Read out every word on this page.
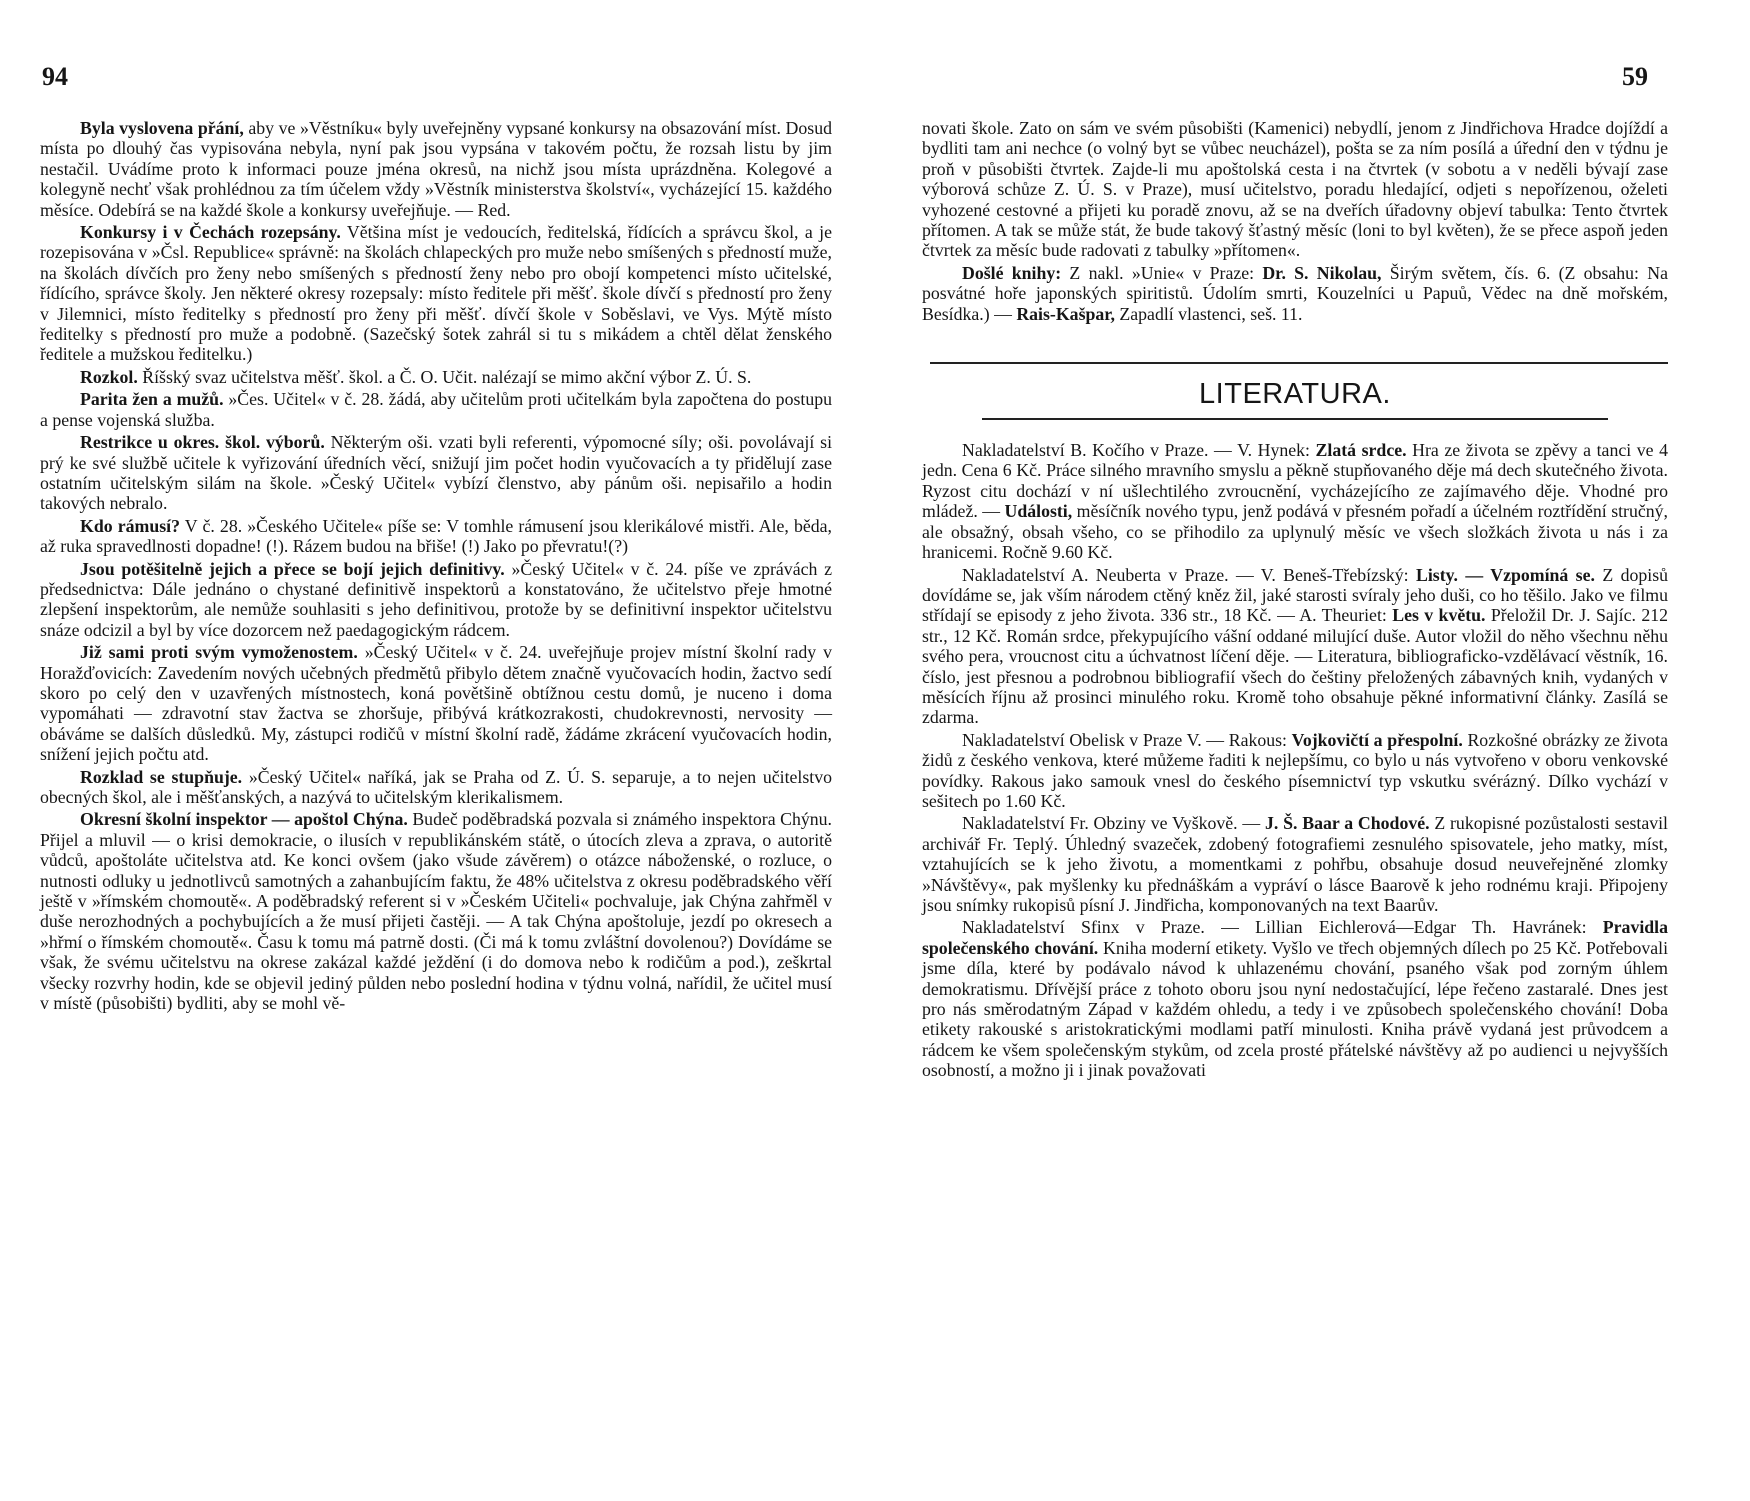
94	59

Byla vyslovena přání, aby ve »Věstníku« byly uveřejněny vypsané konkursy na obsazování míst. Dosud místa po dlouhý čas vypisována nebyla, nyní pak jsou vypsána v takovém počtu, že rozsah listu by jim nestačil. Uvádíme proto k informaci pouze jména okresů, na nichž jsou místa uprázdněna. Kolegové a kolegyně nechť však prohlédnou za tím účelem vždy »Věstník ministerstva školství«, vycházející 15. každého měsíce. Odebírá se na každé škole a konkursy uveřejňuje. — Red.

Konkursy i v Čechách rozepsány. Většina míst je vedoucích, ředitelská, řídících a správcu škol, a je rozepisována v »Čsl. Republice« správně: na školách chlapeckých pro muže nebo smíšených s předností muže, na školách dívčích pro ženy nebo smíšených s předností ženy nebo pro obojí kompetenci místo učitelské, řídícího, správce školy. Jen některé okresy rozepsaly: místo ředitele při měšť. škole dívčí s předností pro ženy v Jilemnici, místo ředitelky s předností pro ženy při měšť. dívčí škole v Soběslavi, ve Vys. Mýtě místo ředitelky s předností pro muže a podobně. (Sazečský šotek zahrál si tu s mikádem a chtěl dělat ženského ředitele a mužskou ředitelku.)

Rozkol. Říšský svaz učitelstva měšť. škol. a Č. O. Učit. nalézají se mimo akční výbor Z. Ú. S.

Parita žen a mužů. »Čes. Učitel« v č. 28. žádá, aby učitelům proti učitelkám byla započtena do postupu a pense vojenská služba.

Restrikce u okres. škol. výborů. Některým oši. vzati byli referenti, výpomocné síly; oši. povolávají si prý ke své službě učitele k vyřizování úředních věcí, snižují jim počet hodin vyučovacích a ty přidělují zase ostatním učitelským silám na škole. »Český Učitel« vybízí členstvo, aby pánům oši. nepisařilo a hodin takových nebralo.

Kdo rámusí? V č. 28. »Českého Učitele« píše se: V tomhle rámusení jsou klerikálové mistři. Ale, běda, až ruka spravedlnosti dopadne! (!). Rázem budou na břiše! (!) Jako po převratu!(?)

Jsou potěšitelně jejich a přece se bojí jejich definitivy. »Český Učitel« v č. 24. píše ve zprávách z předsednictva: Dále jednáno o chystané definitivě inspektorů a konstatováno, že učitelstvo přeje hmotné zlepšení inspektorům, ale nemůže souhlasiti s jeho definitivou, protože by se definitivní inspektor učitelstvu snáze odcizil a byl by více dozorcem než paedagogickým rádcem.

Již sami proti svým vymoženostem. »Český Učitel« v č. 24. uveřejňuje projev místní školní rady v Horažďovicích: Zavedením nových učebných předmětů přibylo dětem značně vyučovacích hodin, žactvo sedí skoro po celý den v uzavřených místnostech, koná povětšině obtížnou cestu domů, je nuceno i doma vypomáhati — zdravotní stav žactva se zhoršuje, přibývá krátkozrakosti, chudokrevnosti, nervosity — obáváme se dalších důsledků. My, zástupci rodičů v místní školní radě, žádáme zkrácení vyučovacích hodin, snížení jejich počtu atd.

Rozklad se stupňuje. »Český Učitel« naříká, jak se Praha od Z. Ú. S. separuje, a to nejen učitelstvo obecných škol, ale i měšťanských, a nazývá to učitelským klerikalismem.

Okresní školní inspektor — apoštol Chýna. Budeč poděbradská pozvala si známého inspektora Chýnu. Přijel a mluvil — o krisi demokracie, o ilusích v republikánském státě, o útocích zleva a zprava, o autoritě vůdců, apoštoláte učitelstva atd. Ke konci ovšem (jako všude závěrem) o otázce náboženské, o rozluce, o nutnosti odluky u jednotlivců samotných a zahanbujícím faktu, že 48% učitelstva z okresu poděbradského věří ještě v »římském chomoutě«. A poděbradský referent si v »Českém Učiteli« pochvaluje, jak Chýna zahřměl v duše nerozhodných a pochybujících a že musí přijeti častěji. — A tak Chýna apoštoluje, jezdí po okresech a »hřmí o římském chomoutě«. Času k tomu má patrně dosti. (Či má k tomu zvláštní dovolenou?) Dovídáme se však, že svému učitelstvu na okrese zakázal každé ježdění (i do domova nebo k rodičům a pod.), zeškrtal všecky rozvrhy hodin, kde se objevil jediný půlden nebo poslední hodina v týdnu volná, nařídil, že učitel musí v místě (působišti) bydliti, aby se mohl vě-

novati škole. Zato on sám ve svém působišti (Kamenici) nebydlí, jenom z Jindřichova Hradce dojíždí a bydliti tam ani nechce (o volný byt se vůbec neucházel), pošta se za ním posílá a úřední den v týdnu je proň v působišti čtvrtek. Zajde-li mu apoštolská cesta i na čtvrtek (v sobotu a v neděli bývají zase výborová schůze Z. Ú. S. v Praze), musí učitelstvo, poradu hledající, odjeti s nepořízenou, oželeti vyhozené cestovné a přijeti ku poradě znovu, až se na dveřích úřadovny objeví tabulka: Tento čtvrtek přítomen. A tak se může stát, že bude takový šťastný měsíc (loni to byl květen), že se přece aspoň jeden čtvrtek za měsíc bude radovati z tabulky »přítomen«.

Došlé knihy: Z nakl. »Unie« v Praze: Dr. S. Nikolau, Širým světem, čís. 6. (Z obsahu: Na posvátné hoře japonských spiritistů. Údolím smrti, Kouzelníci u Papuů, Vědec na dně mořském, Besídka.) — Rais-Kašpar, Zapadlí vlastenci, seš. 11.

LITERATURA.

Nakladatelství B. Kočího v Praze. — V. Hynek: Zlatá srdce. Hra ze života se zpěvy a tanci ve 4 jedn. Cena 6 Kč. Práce silného mravního smyslu a pěkně stupňovaného děje má dech skutečného života. Ryzost citu dochází v ní ušlechtilého zvroucnění, vycházejícího ze zajímavého děje. Vhodné pro mládež. — Události, měsíčník nového typu, jenž podává v přesném pořadí a účelném roztřídění stručný, ale obsažný, obsah všeho, co se přihodilo za uplynulý měsíc ve všech složkách života u nás i za hranicemi. Ročně 9.60 Kč.

Nakladatelství A. Neuberta v Praze. — V. Beneš-Třebízský: Listy. — Vzpomíná se. Z dopisů dovídáme se, jak vším národem ctěný kněz žil, jaké starosti svíraly jeho duši, co ho těšilo. Jako ve filmu střídají se episody z jeho života. 336 str., 18 Kč. — A. Theuriet: Les v květu. Přeložil Dr. J. Sajíc. 212 str., 12 Kč. Román srdce, překypujícího vášní oddané milující duše. Autor vložil do něho všechnu něhu svého pera, vroucnost citu a úchvatnost líčení děje. — Literatura, bibliograficko-vzdělávací věstník, 16. číslo, jest přesnou a podrobnou bibliografií všech do češtiny přeložených zábavných knih, vydaných v měsících říjnu až prosinci minulého roku. Kromě toho obsahuje pěkné informativní články. Zasílá se zdarma.

Nakladatelství Obelisk v Praze V. — Rakous: Vojkovičtí a přespolní. Rozkošné obrázky ze života židů z českého venkova, které můžeme řaditi k nejlepšímu, co bylo u nás vytvořeno v oboru venkovské povídky. Rakous jako samouk vnesl do českého písemnictví typ vskutku svérázný. Dílko vychází v sešitech po 1.60 Kč.

Nakladatelství Fr. Obziny ve Vyškově. — J. Š. Baar a Chodové. Z rukopisné pozůstalosti sestavil archivář Fr. Teplý. Úhledný svazeček, zdobený fotografiemi zesnulého spisovatele, jeho matky, míst, vztahujících se k jeho životu, a momentkami z pohřbu, obsahuje dosud neuveřejněné zlomky »Návštěvy«, pak myšlenky ku přednáškám a vypráví o lásce Baarově k jeho rodnému kraji. Připojeny jsou snímky rukopisů písní J. Jindřicha, komponovaných na text Baarův.

Nakladatelství Sfinx v Praze. — Lillian Eichlerová—Edgar Th. Havránek: Pravidla společenského chování. Kniha moderní etikety. Vyšlo ve třech objemných dílech po 25 Kč. Potřebovali jsme díla, které by podávalo návod k uhlazenému chování, psaného však pod zorným úhlem demokratismu. Dřívější práce z tohoto oboru jsou nyní nedostačující, lépe řečeno zastaralé. Dnes jest pro nás směrodatným Západ v každém ohledu, a tedy i ve způsobech společenského chování! Doba etikety rakouské s aristokratickými modlami patří minulosti. Kniha právě vydaná jest průvodcem a rádcem ke všem společenským stykům, od zcela prosté přátelské návštěvy až po audienci u nejvyšších osobností, a možno ji i jinak považovati
